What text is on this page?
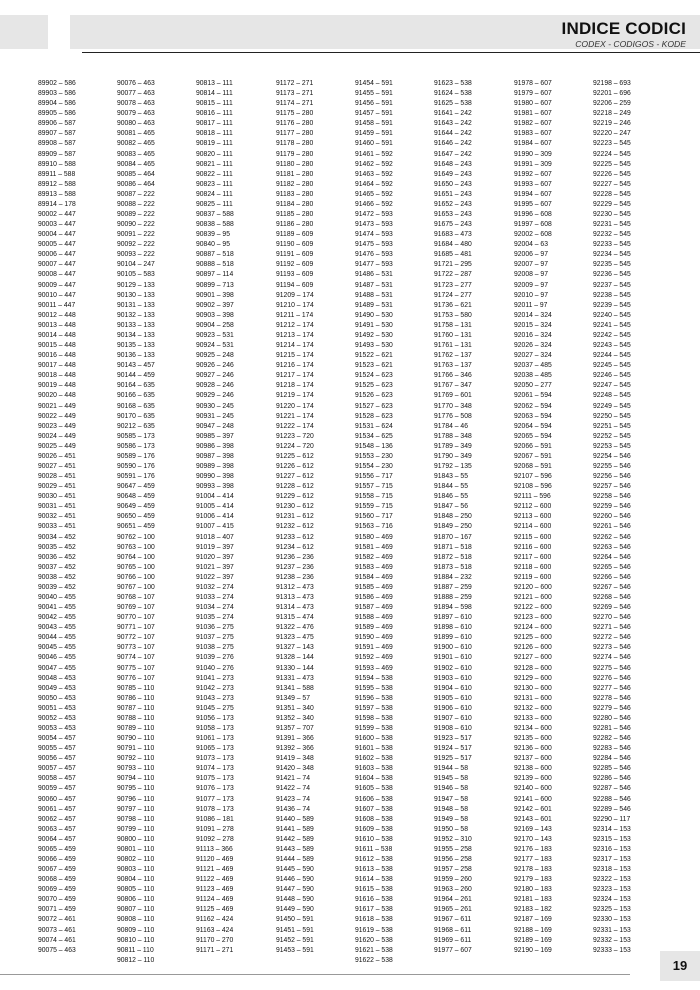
INDICE CODICI
CODEX - CODIGOS - KODE
89902 – 586
89903 – 586
89904 – 586
89905 – 586
89906 – 587
89907 – 587
89908 – 587
89909 – 587
89910 – 588
89911 – 588
89912 – 588
89913 – 588
89914 – 178
90002 – 447
90003 – 447
90004 – 447
90005 – 447
90006 – 447
90007 – 447
90008 – 447
90009 – 447
90010 – 447
90011 – 447
90012 – 448
90013 – 448
90014 – 448
90015 – 448
90016 – 448
90017 – 448
90018 – 448
90019 – 448
90020 – 448
90021 – 449
90022 – 449
90023 – 449
90024 – 449
90025 – 449
90026 – 451
90027 – 451
90028 – 451
90029 – 451
90030 – 451
90031 – 451
90032 – 451
90033 – 451
90034 – 452
90035 – 452
90036 – 452
90037 – 452
90038 – 452
90039 – 452
90040 – 455
90041 – 455
90042 – 455
90043 – 455
90044 – 455
90045 – 455
90046 – 455
90047 – 455
90048 – 453
90049 – 453
90050 – 453
90051 – 453
90052 – 453
90053 – 453
90054 – 457
90055 – 457
90056 – 457
90057 – 457
90058 – 457
90059 – 457
90060 – 457
90061 – 457
90062 – 457
90063 – 457
90064 – 457
90065 – 459
90066 – 459
90067 – 459
90068 – 459
90069 – 459
90070 – 459
90071 – 459
90072 – 461
90073 – 461
90074 – 461
90075 – 463
90076 – 463
90077 – 463
90078 – 463
90079 – 463
90080 – 463
90081 – 465
90082 – 465
90083 – 465
90084 – 465
90085 – 464
90086 – 464
90087 – 222
90088 – 222
90089 – 222
90090 – 222
90091 – 222
90092 – 222
90093 – 222
90104 – 247
90105 – 583
90129 – 133
90130 – 133
90131 – 133
90132 – 133
90133 – 133
90134 – 133
90135 – 133
90136 – 133
90143 – 457
90144 – 459
90164 – 635
90166 – 635
90168 – 635
90170 – 635
90212 – 635
90585 – 173
90586 – 173
90589 – 176
90590 – 176
90591 – 176
90647 – 459
90648 – 459
90649 – 459
90650 – 459
90651 – 459
90762 – 100
90763 – 100
90764 – 100
90765 – 100
90766 – 100
90767 – 100
90768 – 107
90769 – 107
90770 – 107
90771 – 107
90772 – 107
90773 – 107
90774 – 107
90775 – 107
90776 – 107
90785 – 110
90786 – 110
90787 – 110
90788 – 110
90789 – 110
90790 – 110
90791 – 110
90792 – 110
90793 – 110
90794 – 110
90795 – 110
90796 – 110
90797 – 110
90798 – 110
90799 – 110
90800 – 110
90801 – 110
90802 – 110
90803 – 110
90804 – 110
90805 – 110
90806 – 110
90807 – 110
90808 – 110
90809 – 110
90810 – 110
90811 – 110
90812 – 110
90813 – 111
90814 – 111
90815 – 111
90816 – 111
90817 – 111
90818 – 111
90819 – 111
90820 – 111
90821 – 111
90822 – 111
90823 – 111
90824 – 111
90825 – 111
90837 – 588
90838 – 588
90839 – 95
90840 – 95
90887 – 518
90888 – 518
90897 – 114
90899 – 713
90901 – 398
90902 – 397
90903 – 398
90904 – 258
90923 – 531
90924 – 531
90925 – 248
90926 – 246
90927 – 246
90928 – 246
90929 – 246
90930 – 245
90931 – 245
90947 – 248
90985 – 397
90986 – 398
90987 – 398
90989 – 398
90990 – 398
90993 – 398
91004 – 414
91005 – 414
91006 – 414
91007 – 415
91018 – 407
91019 – 397
91020 – 397
91021 – 397
91022 – 397
91032 – 274
91033 – 274
91034 – 274
91035 – 274
91036 – 275
91037 – 275
91038 – 275
91039 – 276
91040 – 276
91041 – 273
91042 – 273
91043 – 273
91045 – 275
91056 – 173
91058 – 173
91061 – 173
91065 – 173
91073 – 173
91074 – 173
91075 – 173
91076 – 173
91077 – 173
91078 – 173
91086 – 181
91091 – 278
91092 – 278
91113 – 366
91120 – 469
91121 – 469
91122 – 469
91123 – 469
91124 – 469
91125 – 469
91162 – 424
91163 – 424
91170 – 270
91171 – 271
91172 – 271
91173 – 271
91174 – 271
91175 – 280
91176 – 280
91177 – 280
91178 – 280
91179 – 280
91180 – 280
91181 – 280
91182 – 280
91183 – 280
91184 – 280
91185 – 280
91186 – 280
91189 – 609
91190 – 609
91191 – 609
91192 – 609
91193 – 609
91194 – 609
91209 – 174
91210 – 174
91211 – 174
91212 – 174
91213 – 174
91214 – 174
91215 – 174
91216 – 174
91217 – 174
91218 – 174
91219 – 174
91220 – 174
91221 – 174
91222 – 174
91223 – 720
91224 – 720
91225 – 612
91226 – 612
91227 – 612
91228 – 612
91229 – 612
91230 – 612
91231 – 612
91232 – 612
91233 – 612
91234 – 612
91236 – 236
91237 – 236
91238 – 236
91312 – 473
91313 – 473
91314 – 473
91315 – 474
91322 – 476
91323 – 475
91327 – 143
91328 – 144
91330 – 144
91331 – 473
91341 – 588
91349 – 57
91351 – 340
91352 – 340
91357 – 707
91391 – 366
91392 – 366
91419 – 348
91420 – 348
91421 – 74
91422 – 74
91423 – 74
91436 – 74
91440 – 589
91441 – 589
91442 – 589
91443 – 589
91444 – 589
91445 – 590
91446 – 590
91447 – 590
91448 – 590
91449 – 590
91450 – 591
91451 – 591
91452 – 591
91453 – 591
91454 – 591
91455 – 591
91456 – 591
91457 – 591
91458 – 591
91459 – 591
91460 – 591
91461 – 592
91462 – 592
91463 – 592
91464 – 592
91465 – 592
91466 – 592
91472 – 593
91473 – 593
91474 – 593
91475 – 593
91476 – 593
91477 – 593
91486 – 531
91487 – 531
91488 – 531
91489 – 531
91490 – 530
91491 – 530
91492 – 530
91493 – 530
91522 – 621
91523 – 621
91524 – 623
91525 – 623
91526 – 623
91527 – 623
91528 – 623
91531 – 624
91534 – 625
91548 – 136
91553 – 230
91554 – 230
91556 – 717
91557 – 715
91558 – 715
91559 – 715
91560 – 717
91563 – 716
91580 – 469
91581 – 469
91582 – 469
91583 – 469
91584 – 469
91585 – 469
91586 – 469
91587 – 469
91588 – 469
91589 – 469
91590 – 469
91591 – 469
91592 – 469
91593 – 469
91594 – 538
91595 – 538
91596 – 538
91597 – 538
91598 – 538
91599 – 538
91600 – 538
91601 – 538
91602 – 538
91603 – 538
91604 – 538
91605 – 538
91606 – 538
91607 – 538
91608 – 538
91609 – 538
91610 – 538
91611 – 538
91612 – 538
91613 – 538
91614 – 538
91615 – 538
91616 – 538
91617 – 538
91618 – 538
91619 – 538
91620 – 538
91621 – 538
91622 – 538
91623 – 538
91624 – 538
91625 – 538
91641 – 242
91643 – 242
91644 – 242
91646 – 242
91647 – 242
91648 – 243
91649 – 243
91650 – 243
91651 – 243
91652 – 243
91653 – 243
91675 – 243
91683 – 473
91684 – 480
91685 – 481
91721 – 295
91722 – 287
91723 – 277
91724 – 277
91736 – 621
91753 – 580
91758 – 131
91760 – 131
91761 – 131
91762 – 137
91763 – 137
91766 – 346
91767 – 347
91769 – 601
91770 – 348
91776 – 508
91784 – 46
91788 – 348
91789 – 349
91790 – 349
91792 – 135
91843 – 55
91844 – 55
91846 – 55
91847 – 56
91848 – 250
91849 – 250
91870 – 167
91871 – 518
91872 – 518
91873 – 518
91884 – 232
91887 – 259
91888 – 259
91894 – 598
91897 – 610
91898 – 610
91899 – 610
91900 – 610
91901 – 610
91902 – 610
91903 – 610
91904 – 610
91905 – 610
91906 – 610
91907 – 610
91908 – 610
91923 – 517
91924 – 517
91925 – 517
91944 – 58
91945 – 58
91946 – 58
91947 – 58
91948 – 58
91949 – 58
91950 – 58
91952 – 310
91955 – 258
91956 – 258
91957 – 258
91959 – 260
91963 – 260
91964 – 261
91965 – 261
91967 – 611
91968 – 611
91969 – 611
91977 – 607
91978 – 607
91979 – 607
91980 – 607
91981 – 607
91982 – 607
91983 – 607
91984 – 607
91990 – 309
91991 – 309
91992 – 607
91993 – 607
91994 – 607
91995 – 607
91996 – 608
91997 – 608
92002 – 608
92004 – 63
92006 – 97
92007 – 97
92008 – 97
92009 – 97
92010 – 97
92011 – 97
92014 – 324
92015 – 324
92016 – 324
92026 – 324
92027 – 324
92037 – 485
92038 – 485
92050 – 277
92061 – 594
92062 – 594
92063 – 594
92064 – 594
92065 – 594
92066 – 591
92067 – 591
92068 – 591
92107 – 596
92108 – 596
92111 – 596
92112 – 600
92113 – 600
92114 – 600
92115 – 600
92116 – 600
92117 – 600
92118 – 600
92119 – 600
92120 – 600
92121 – 600
92122 – 600
92123 – 600
92124 – 600
92125 – 600
92126 – 600
92127 – 600
92128 – 600
92129 – 600
92130 – 600
92131 – 600
92132 – 600
92133 – 600
92134 – 600
92135 – 600
92136 – 600
92137 – 600
92138 – 600
92139 – 600
92140 – 600
92141 – 600
92142 – 601
92143 – 601
92169 – 143
92170 – 143
92176 – 183
92177 – 183
92178 – 183
92179 – 183
92180 – 183
92181 – 183
92183 – 182
92187 – 169
92188 – 169
92189 – 169
92190 – 169
92198 – 693
92201 – 696
92206 – 259
92218 – 249
92219 – 246
92220 – 247
92223 – 545
92224 – 545
92225 – 545
92226 – 545
92227 – 545
92228 – 545
92229 – 545
92230 – 545
92231 – 545
92232 – 545
92233 – 545
92234 – 545
92235 – 545
92236 – 545
92237 – 545
92238 – 545
92239 – 545
92240 – 545
92241 – 545
92242 – 545
92243 – 545
92244 – 545
92245 – 545
92246 – 545
92247 – 545
92248 – 545
92249 – 545
92250 – 545
92251 – 545
92252 – 545
92253 – 545
92254 – 546
92255 – 546
92256 – 546
92257 – 546
92258 – 546
92259 – 546
92260 – 546
92261 – 546
92262 – 546
92263 – 546
92264 – 546
92265 – 546
92266 – 546
92267 – 546
92268 – 546
92269 – 546
92270 – 546
92271 – 546
92272 – 546
92273 – 546
92274 – 546
92275 – 546
92276 – 546
92277 – 546
92278 – 546
92279 – 546
92280 – 546
92281 – 546
92282 – 546
92283 – 546
92284 – 546
92285 – 546
92286 – 546
92287 – 546
92288 – 546
92289 – 546
92290 – 117
92314 – 153
92315 – 153
92316 – 153
92317 – 153
92318 – 153
92322 – 153
92323 – 153
92324 – 153
92325 – 153
92330 – 153
92331 – 153
92332 – 153
92333 – 153
19
